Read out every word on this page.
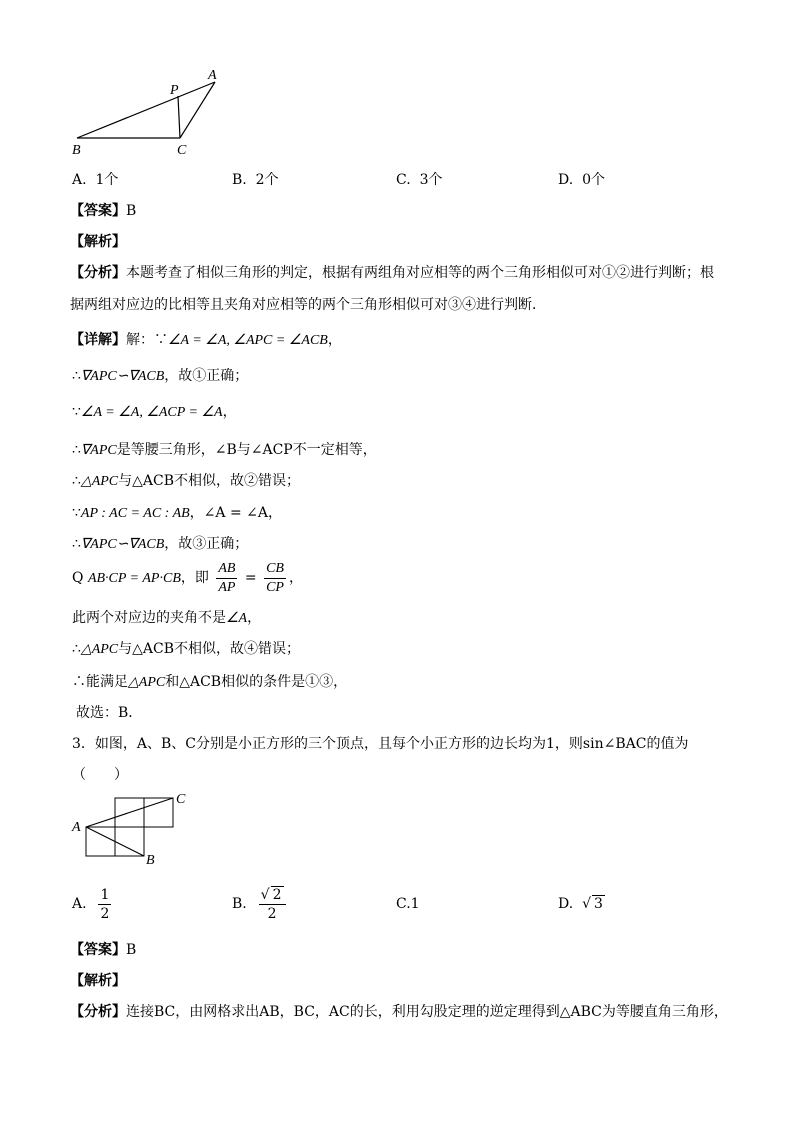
A
P
B	C
A. 1个	B. 2个	C. 3个	D. 0个
【答案】B
【解析】
【分析】本题考查了相似三角形的判定，根据有两组角对应相等的两个三角形相似可对①②进行判断；根
据两组对应边的比相等且夹角对应相等的两个三角形相似可对③④进行判断．
【详解】解：∵∠A = ∠A, ∠APC = ∠ACB，
∴∇APC∽∇ACB，故①正确；
∵∠A = ∠A, ∠ACP = ∠A，
∴∇APC是等腰三角形，∠B与∠ACP不一定相等，
∴△APC与△ACB不相似，故②错误；
∵AP : AC = AC : AB，∠A = ∠A，
∴∇APC∽∇ACB，故③正确；
Q AB·CP = AP·CB，即 $\frac{AB}{AP} = \frac{CB}{CP}$ ，
此两个对应边的夹角不是∠A，
∴△APC与△ACB不相似，故④错误；
∴能满足△APC和△ACB相似的条件是①③，
故选：B．
3．如图，A、B、C分别是小正方形的三个顶点，且每个小正方形的边长均为1，则sin∠BAC的值为
（　　）
A
C
B
A. $\frac{1}{2}$	B. $\frac{√ 2}{2}$	C.1	D.  √ 3
【答案】B
【解析】
【分析】连接BC，由网格求出AB，BC，AC的长，利用勾股定理的逆定理得到△ABC为等腰直角三角形，
